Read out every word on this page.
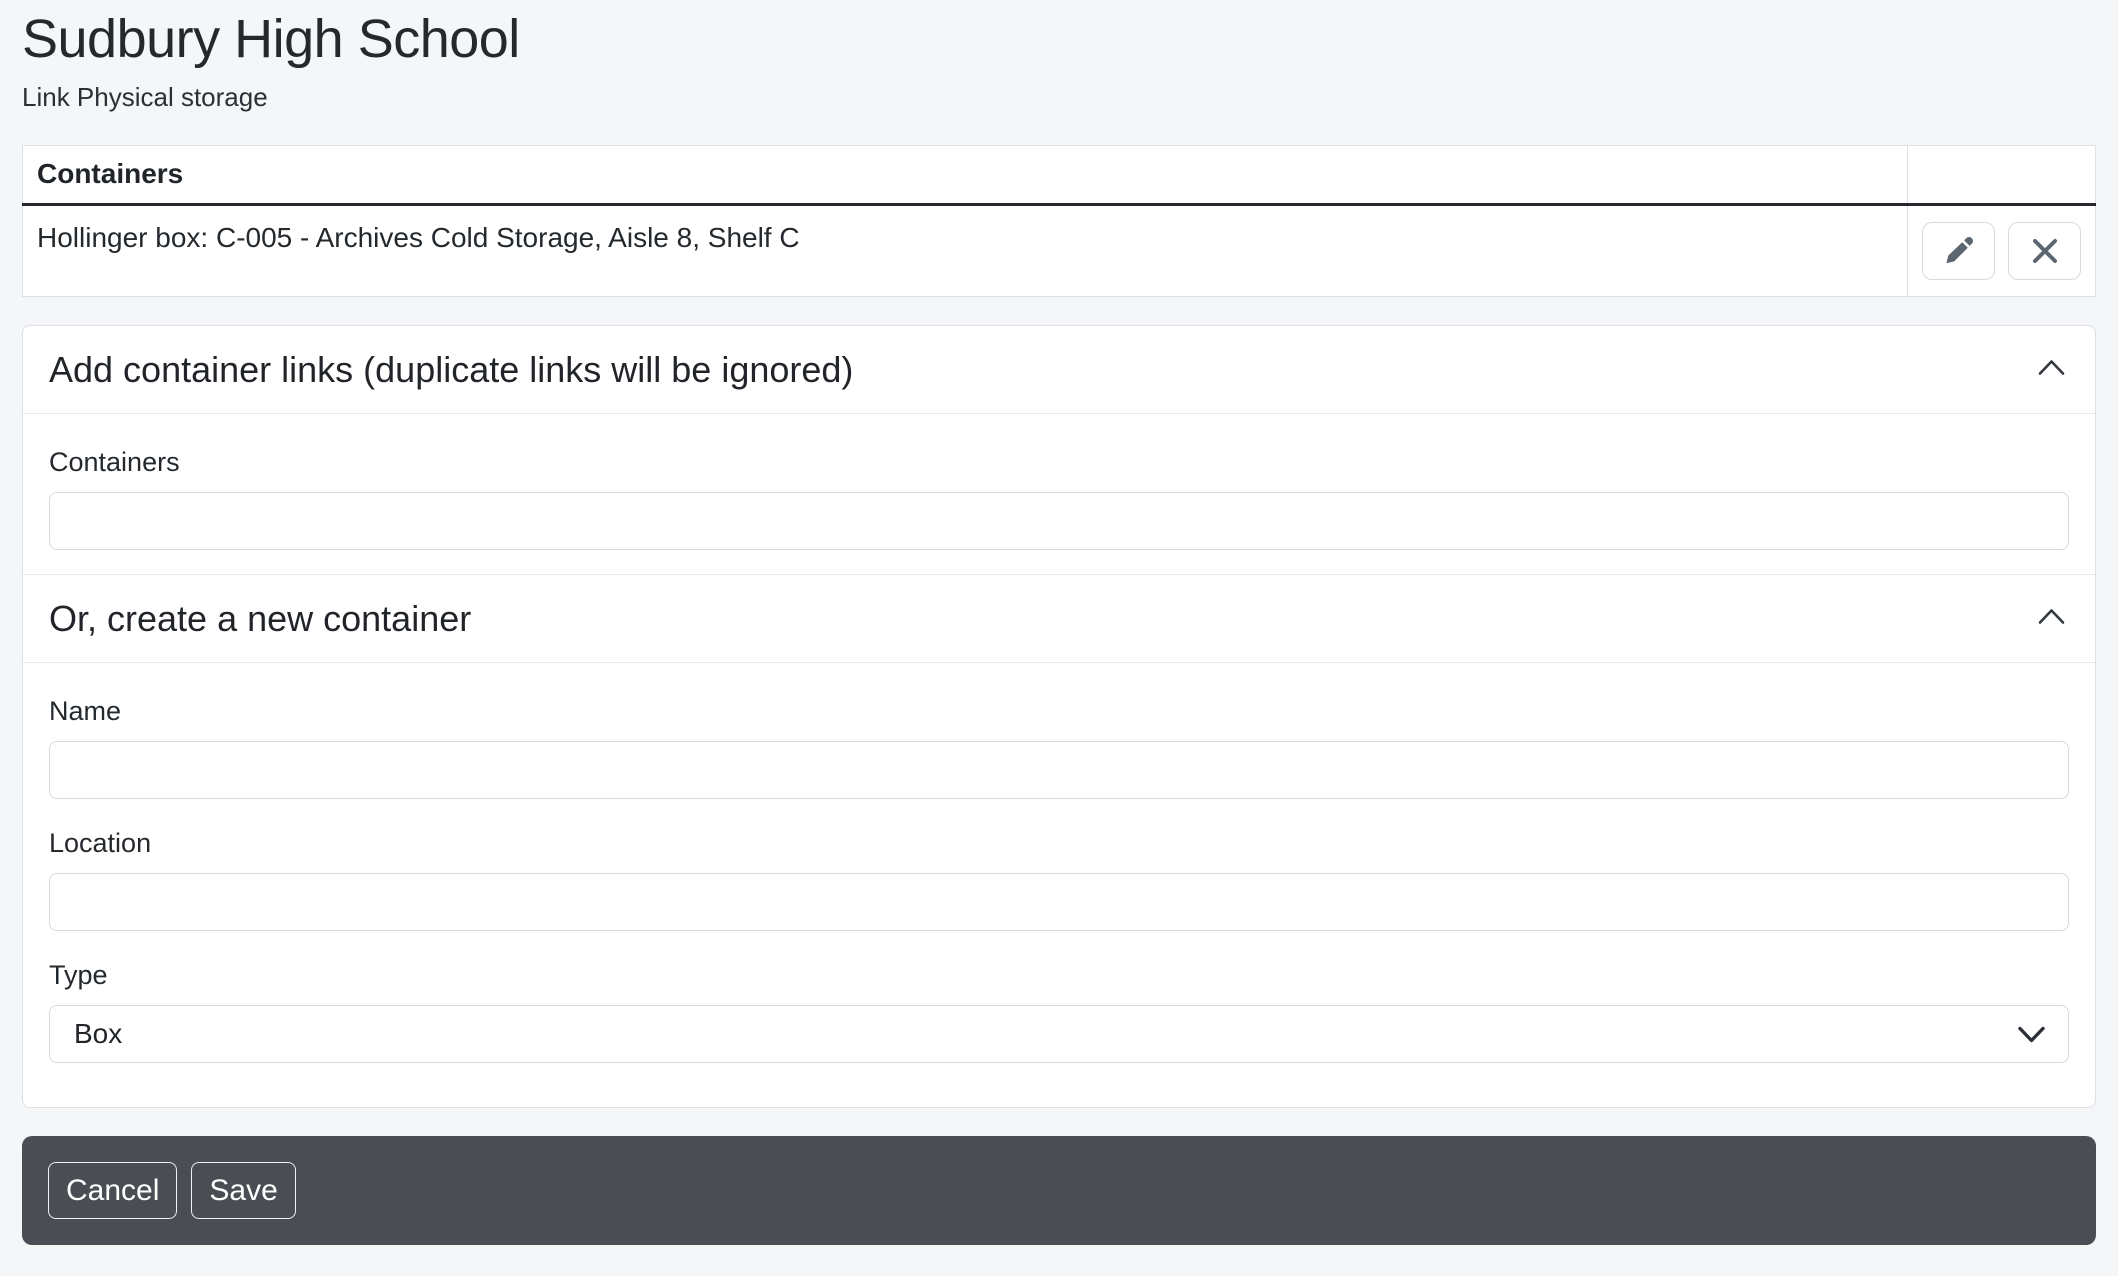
Sudbury High School
Link Physical storage
Containers	
Hollinger box: C-005 - Archives Cold Storage, Aisle 8, Shelf C	
Add container links (duplicate links will be ignored)
Containers
Or, create a new container
Name
Location
Type
Box
Cancel	Save
